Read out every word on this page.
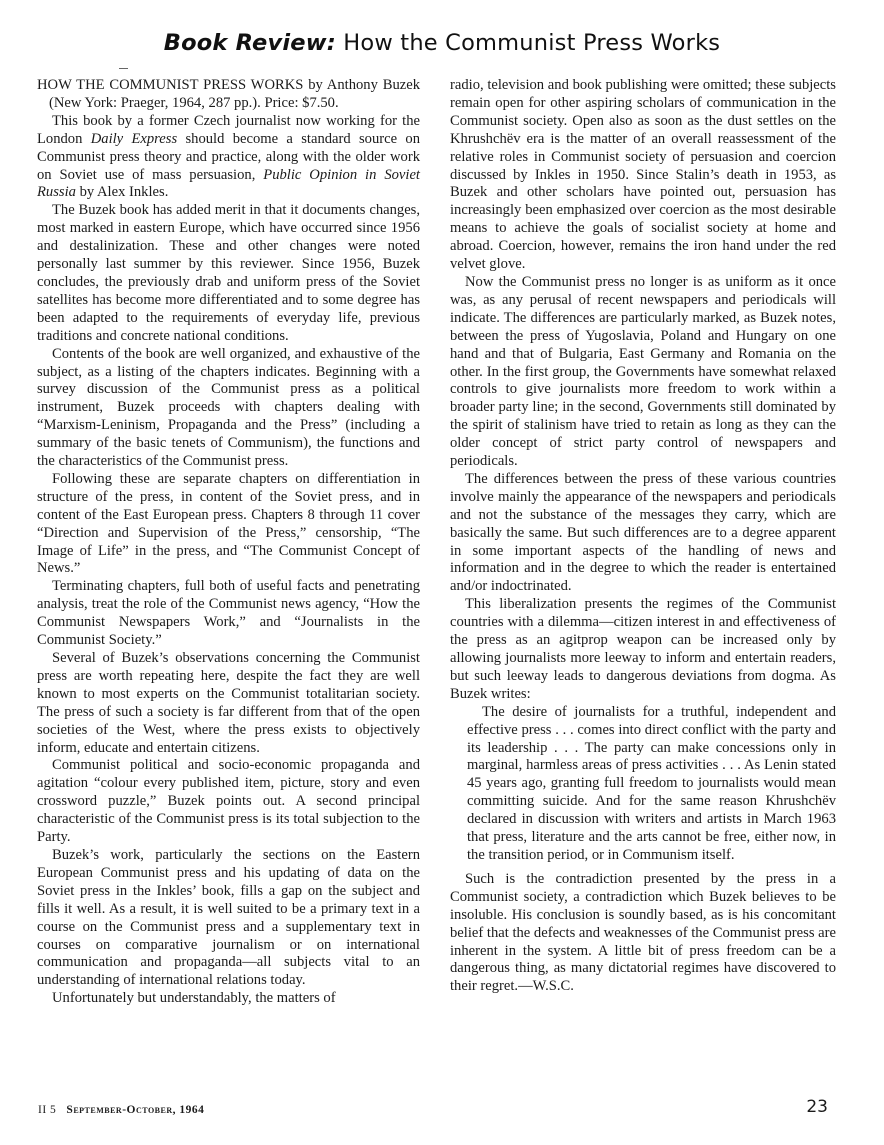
Book Review: How the Communist Press Works

HOW THE COMMUNIST PRESS WORKS by Anthony Buzek (New York: Praeger, 1964, 287 pp.). Price: $7.50.

This book by a former Czech journalist now working for the London Daily Express should become a standard source on Communist press theory and practice, along with the older work on Soviet use of mass persuasion, Public Opinion in Soviet Russia by Alex Inkles.

The Buzek book has added merit in that it documents changes, most marked in eastern Europe, which have occurred since 1956 and destalinization. These and other changes were noted personally last summer by this reviewer. Since 1956, Buzek concludes, the previously drab and uniform press of the Soviet satellites has become more differentiated and to some degree has been adapted to the requirements of everyday life, previous traditions and concrete national conditions.

Contents of the book are well organized, and exhaustive of the subject, as a listing of the chapters indicates. Beginning with a survey discussion of the Communist press as a political instrument, Buzek proceeds with chapters dealing with “Marxism-Leninism, Propaganda and the Press” (including a summary of the basic tenets of Communism), the functions and the characteristics of the Communist press.

Following these are separate chapters on differentiation in structure of the press, in content of the Soviet press, and in content of the East European press. Chapters 8 through 11 cover “Direction and Supervision of the Press,” censorship, “The Image of Life” in the press, and “The Communist Concept of News.”

Terminating chapters, full both of useful facts and penetrating analysis, treat the role of the Communist news agency, “How the Communist Newspapers Work,” and “Journalists in the Communist Society.”

Several of Buzek’s observations concerning the Communist press are worth repeating here, despite the fact they are well known to most experts on the Communist totalitarian society. The press of such a society is far different from that of the open societies of the West, where the press exists to objectively inform, educate and entertain citizens.

Communist political and socio-economic propaganda and agitation “colour every published item, picture, story and even crossword puzzle,” Buzek points out. A second principal characteristic of the Communist press is its total subjection to the Party.

Buzek’s work, particularly the sections on the Eastern European Communist press and his updating of data on the Soviet press in the Inkles’ book, fills a gap on the subject and fills it well. As a result, it is well suited to be a primary text in a course on the Communist press and a supplementary text in courses on comparative journalism or on international communication and propaganda—all subjects vital to an understanding of international relations today.

Unfortunately but understandably, the matters of

radio, television and book publishing were omitted; these subjects remain open for other aspiring scholars of communication in the Communist society. Open also as soon as the dust settles on the Khrushchëv era is the matter of an overall reassessment of the relative roles in Communist society of persuasion and coercion discussed by Inkles in 1950. Since Stalin’s death in 1953, as Buzek and other scholars have pointed out, persuasion has increasingly been emphasized over coercion as the most desirable means to achieve the goals of socialist society at home and abroad. Coercion, however, remains the iron hand under the red velvet glove.

Now the Communist press no longer is as uniform as it once was, as any perusal of recent newspapers and periodicals will indicate. The differences are particularly marked, as Buzek notes, between the press of Yugoslavia, Poland and Hungary on one hand and that of Bulgaria, East Germany and Romania on the other. In the first group, the Governments have somewhat relaxed controls to give journalists more freedom to work within a broader party line; in the second, Governments still dominated by the spirit of stalinism have tried to retain as long as they can the older concept of strict party control of newspapers and periodicals.

The differences between the press of these various countries involve mainly the appearance of the newspapers and periodicals and not the substance of the messages they carry, which are basically the same. But such differences are to a degree apparent in some important aspects of the handling of news and information and in the degree to which the reader is entertained and/or indoctrinated.

This liberalization presents the regimes of the Communist countries with a dilemma—citizen interest in and effectiveness of the press as an agitprop weapon can be increased only by allowing journalists more leeway to inform and entertain readers, but such leeway leads to dangerous deviations from dogma. As Buzek writes:

The desire of journalists for a truthful, independent and effective press . . . comes into direct conflict with the party and its leadership . . . The party can make concessions only in marginal, harmless areas of press activities . . . As Lenin stated 45 years ago, granting full freedom to journalists would mean committing suicide. And for the same reason Khrushchëv declared in discussion with writers and artists in March 1963 that press, literature and the arts cannot be free, either now, in the transition period, or in Communism itself.

Such is the contradiction presented by the press in a Communist society, a contradiction which Buzek believes to be insoluble. His conclusion is soundly based, as is his concomitant belief that the defects and weaknesses of the Communist press are inherent in the system. A little bit of press freedom can be a dangerous thing, as many dictatorial regimes have discovered to their regret.—W.S.C.

II 5 September-October, 1964	23
